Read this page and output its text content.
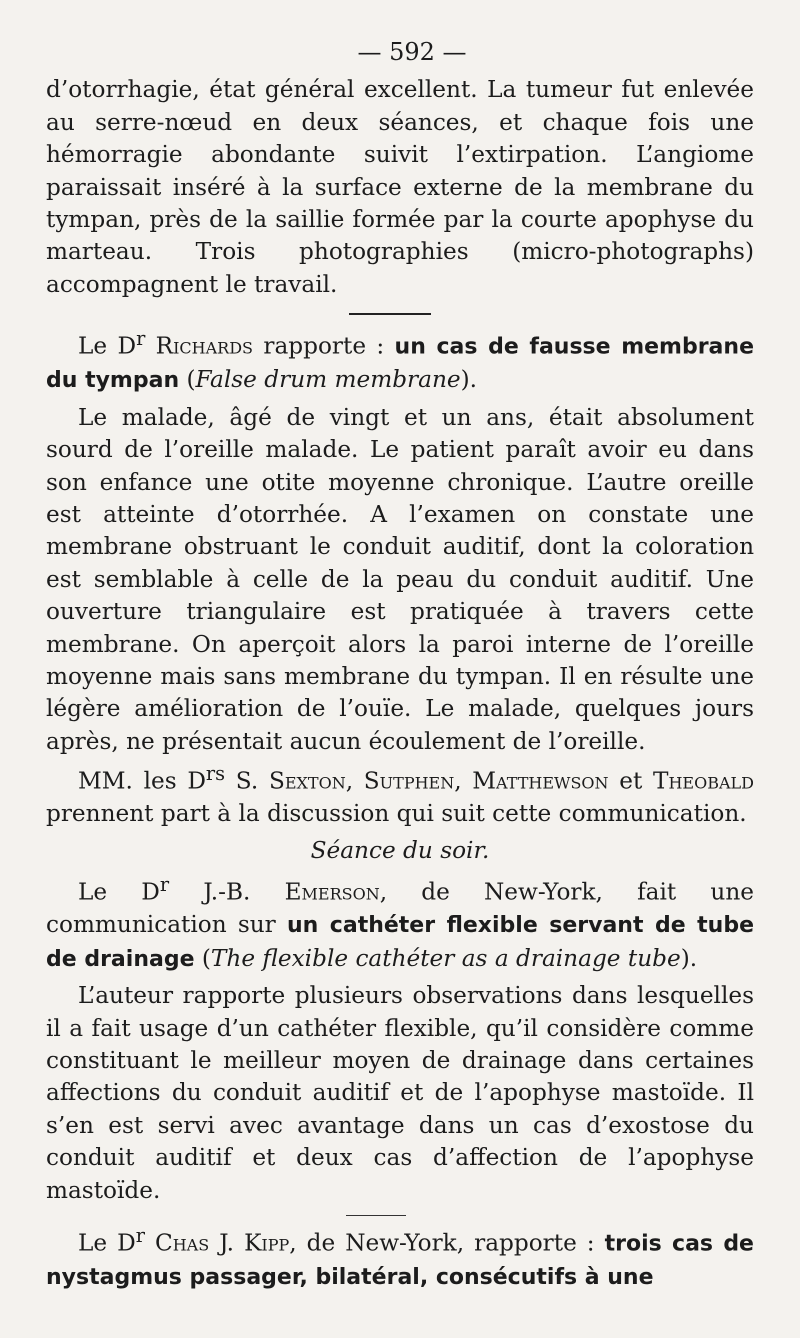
— 592 —

d’otorrhagie, état général excellent. La tumeur fut enlevée au serre-nœud en deux séances, et chaque fois une hémorragie abondante suivit l’extirpation. L’angiome paraissait inséré à la surface externe de la membrane du tympan, près de la saillie formée par la courte apophyse du marteau. Trois photographies (micro-photographs) accompagnent le travail.

Le $D^r$ Richards rapporte : un cas de fausse membrane du tympan (False drum membrane).

Le malade, âgé de vingt et un ans, était absolument sourd de l’oreille malade. Le patient paraît avoir eu dans son enfance une otite moyenne chronique. L’autre oreille est atteinte d’otorrhée. A l’examen on constate une membrane obstruant le conduit auditif, dont la coloration est semblable à celle de la peau du conduit auditif. Une ouverture triangulaire est pratiquée à travers cette membrane. On aperçoit alors la paroi interne de l’oreille moyenne mais sans membrane du tympan. Il en résulte une légère amélioration de l’ouïe. Le malade, quelques jours après, ne présentait aucun écoulement de l’oreille.

MM. les $D^{rs}$ S. Sexton, Sutphen, Matthewson et Theobald prennent part à la discussion qui suit cette communication.

Séance du soir.

Le $D^r$ J.-B. Emerson, de New-York, fait une communication sur un cathéter flexible servant de tube de drainage (The flexible cathéter as a drainage tube).

L’auteur rapporte plusieurs observations dans lesquelles il a fait usage d’un cathéter flexible, qu’il considère comme constituant le meilleur moyen de drainage dans certaines affections du conduit auditif et de l’apophyse mastoïde. Il s’en est servi avec avantage dans un cas d’exostose du conduit auditif et deux cas d’affection de l’apophyse mastoïde.

Le $D^r$ Chas J. Kipp, de New-York, rapporte : trois cas de nystagmus passager, bilatéral, consécutifs à une
